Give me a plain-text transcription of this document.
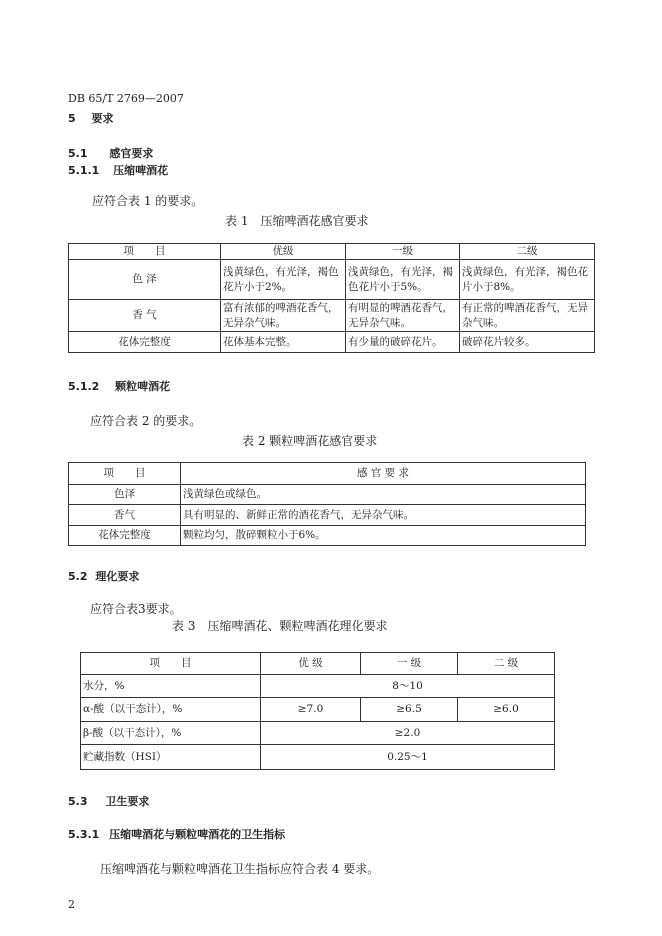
DB 65/T 2769—2007
5 要求
5.1 感官要求
5.1.1 压缩啤酒花
应符合表 1 的要求。
表 1　压缩啤酒花感官要求
项　　目	优级	一级	二级
色 泽	浅黄绿色，有光泽，褐色花片小于2%。	浅黄绿色，有光泽，褐色花片小于5%。	浅黄绿色，有光泽，褐色花片小于8%。
香 气	富有浓郁的啤酒花香气，无异杂气味。	有明显的啤酒花香气，无异杂气味。	有正常的啤酒花香气，无异杂气味。
花体完整度	花体基本完整。	有少量的破碎花片。	破碎花片较多。
5.1.2 颗粒啤酒花
应符合表 2 的要求。
表 2 颗粒啤酒花感官要求
项　　目	感 官 要 求
色泽	浅黄绿色或绿色。
香气	具有明显的、新鲜正常的酒花香气，无异杂气味。
花体完整度	颗粒均匀，散碎颗粒小于6%。
5.2 理化要求
应符合表3要求。
表 3　压缩啤酒花、颗粒啤酒花理化要求
项　　目	优 级	一 级	二 级
水分，%	8～10		
α-酸（以干态计），%	≥7.0	≥6.5	≥6.0
β-酸（以干态计），%	≥2.0		
贮藏指数（HSI）	0.25～1		
5.3 卫生要求
5.3.1 压缩啤酒花与颗粒啤酒花的卫生指标
压缩啤酒花与颗粒啤酒花卫生指标应符合表 4 要求。
2
